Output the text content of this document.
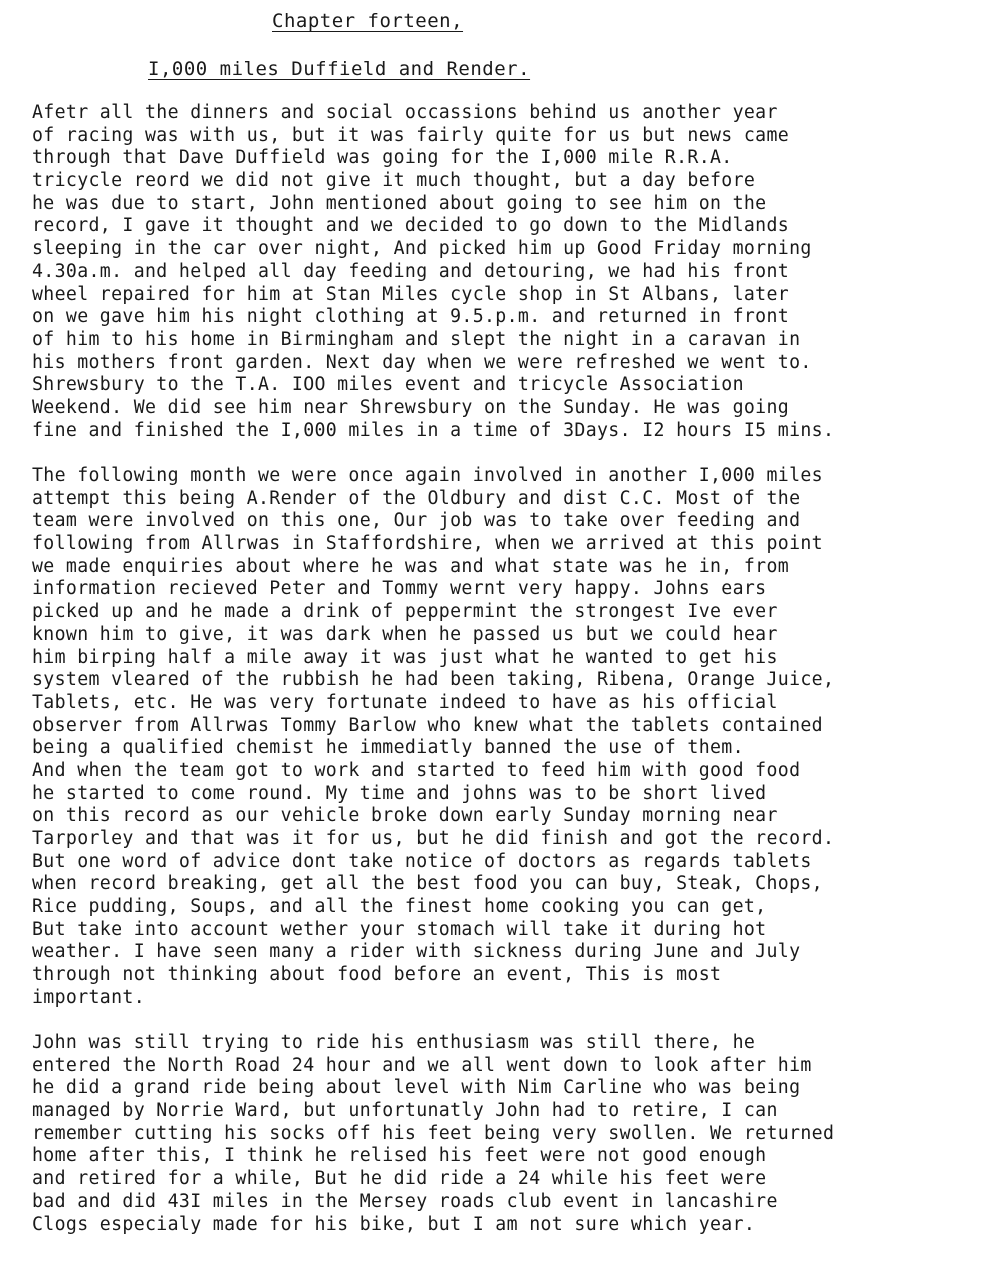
Chapter forteen,
I,000 miles Duffield and Render.

Afetr all the dinners and social occassions behind us another year
of racing was with us, but it was fairly quite for us but news came
through that Dave Duffield was going for the I,000 mile R.R.A.
tricycle reord we did not give it much thought, but a day before
he was due to start, John mentioned about going to see him on the
record, I gave it thought and we decided to go down to the Midlands
sleeping in the car over night, And picked him up Good Friday morning
4.30a.m. and helped all day feeding and detouring, we had his front
wheel repaired for him at Stan Miles cycle shop in St Albans, later
on we gave him his night clothing at 9.5.p.m. and returned in front
of him to his home in Birmingham and slept the night in a caravan in
his mothers front garden. Next day when we were refreshed we went to.
Shrewsbury to the T.A. IOO miles event and tricycle Association
Weekend. We did see him near Shrewsbury on the Sunday. He was going
fine and finished the I,000 miles in a time of 3Days. I2 hours I5 mins.

The following month we were once again involved in another I,000 miles
attempt this being A.Render of the Oldbury and dist C.C. Most of the
team were involved on this one, Our job was to take over feeding and
following from Allrwas in Staffordshire, when we arrived at this point
we made enquiries about where he was and what state was he in, from
information recieved Peter and Tommy wernt very happy. Johns ears
picked up and he made a drink of peppermint the strongest Ive ever
known him to give, it was dark when he passed us but we could hear
him birping half a mile away it was just what he wanted to get his
system vleared of the rubbish he had been taking, Ribena, Orange Juice,
Tablets, etc. He was very fortunate indeed to have as his official
observer from Allrwas Tommy Barlow who knew what the tablets contained
being a qualified chemist he immediatly banned the use of them.
And when the team got to work and started to feed him with good food
he started to come round. My time and johns was to be short lived
on this record as our vehicle broke down early Sunday morning near
Tarporley and that was it for us, but he did finish and got the record.
But one word of advice dont take notice of doctors as regards tablets
when record breaking, get all the best food you can buy, Steak, Chops,
Rice pudding, Soups, and all the finest home cooking you can get,
But take into account wether your stomach will take it during hot
weather. I have seen many a rider with sickness during June and July
through not thinking about food before an event, This is most
important.

John was still trying to ride his enthusiasm was still there, he
entered the North Road 24 hour and we all went down to look after him
he did a grand ride being about level with Nim Carline who was being
managed by Norrie Ward, but unfortunatly John had to retire, I can
remember cutting his socks off his feet being very swollen. We returned
home after this, I think he relised his feet were not good enough
and retired for a while, But he did ride a 24 while his feet were
bad and did 43I miles in the Mersey roads club event in lancashire
Clogs especialy made for his bike, but I am not sure which year.
